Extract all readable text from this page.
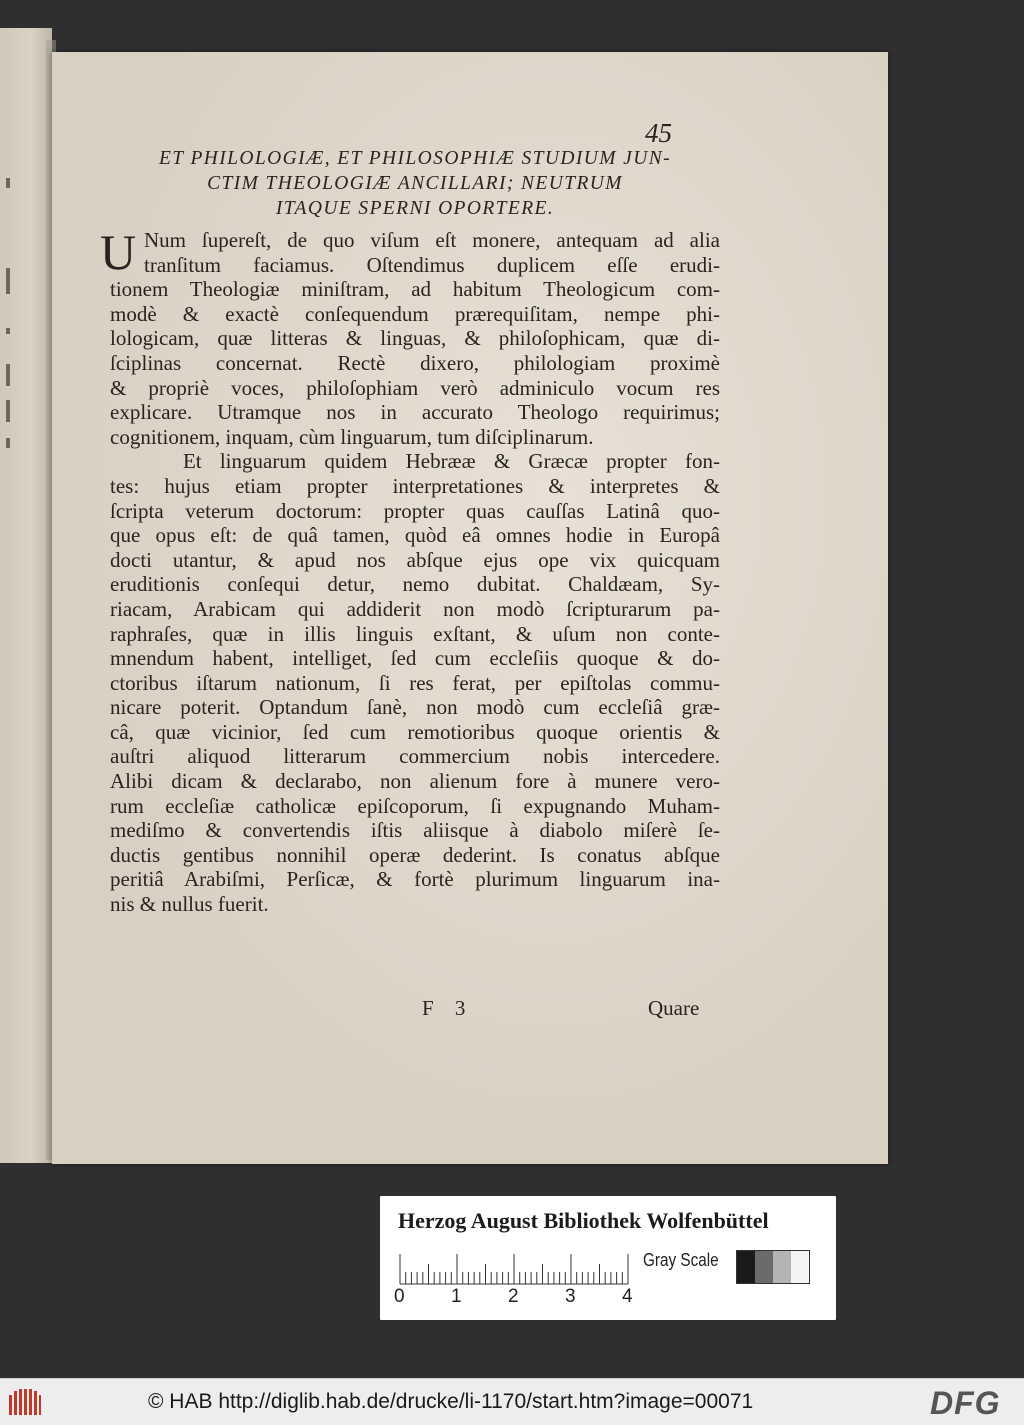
45
ET PHILOLOGIÆ, ET PHILOSOPHIÆ STUDIUM JUN-
CTIM THEOLOGIÆ ANCILLARI; NEUTRUM
ITAQUE SPERNI OPORTERE.
U Num ſupereſt, de quo viſum eſt monere, antequam ad alia
tranſitum faciamus. Oſtendimus duplicem eſſe erudi-
tionem Theologiæ miniſtram, ad habitum Theologicum com-
modè & exactè conſequendum prærequiſitam, nempe phi-
lologicam, quæ litteras & linguas, & philoſophicam, quæ di-
ſciplinas concernat. Rectè dixero, philologiam proximè
& propriè voces, philoſophiam verò adminiculo vocum res
explicare. Utramque nos in accurato Theologo requirimus;
cognitionem, inquam, cùm linguarum, tum diſciplinarum.
Et linguarum quidem Hebrææ & Græcæ propter fon-
tes: hujus etiam propter interpretationes & interpretes &
ſcripta veterum doctorum: propter quas cauſſas Latinâ quo-
que opus eſt: de quâ tamen, quòd eâ omnes hodie in Europâ
docti utantur, & apud nos abſque ejus ope vix quicquam
eruditionis conſequi detur, nemo dubitat. Chaldæam, Sy-
riacam, Arabicam qui addiderit non modò ſcripturarum pa-
raphraſes, quæ in illis linguis exſtant, & uſum non conte-
mnendum habent, intelliget, ſed cum eccleſiis quoque & do-
ctoribus iſtarum nationum, ſi res ferat, per epiſtolas commu-
nicare poterit. Optandum ſanè, non modò cum eccleſiâ græ-
câ, quæ vicinior, ſed cum remotioribus quoque orientis &
auſtri aliquod litterarum commercium nobis intercedere.
Alibi dicam & declarabo, non alienum fore à munere vero-
rum eccleſiæ catholicæ epiſcoporum, ſi expugnando Muham-
mediſmo & convertendis iſtis aliisque à diabolo miſerè ſe-
ductis gentibus nonnihil operæ dederint. Is conatus abſque
peritiâ Arabiſmi, Perſicæ, & fortè plurimum linguarum ina-
nis & nullus fuerit.
F 3	Quare
Herzog August Bibliothek Wolfenbüttel
0 1 2 3 4
Gray Scale
© HAB http://diglib.hab.de/drucke/li-1170/start.htm?image=00071	DFG
